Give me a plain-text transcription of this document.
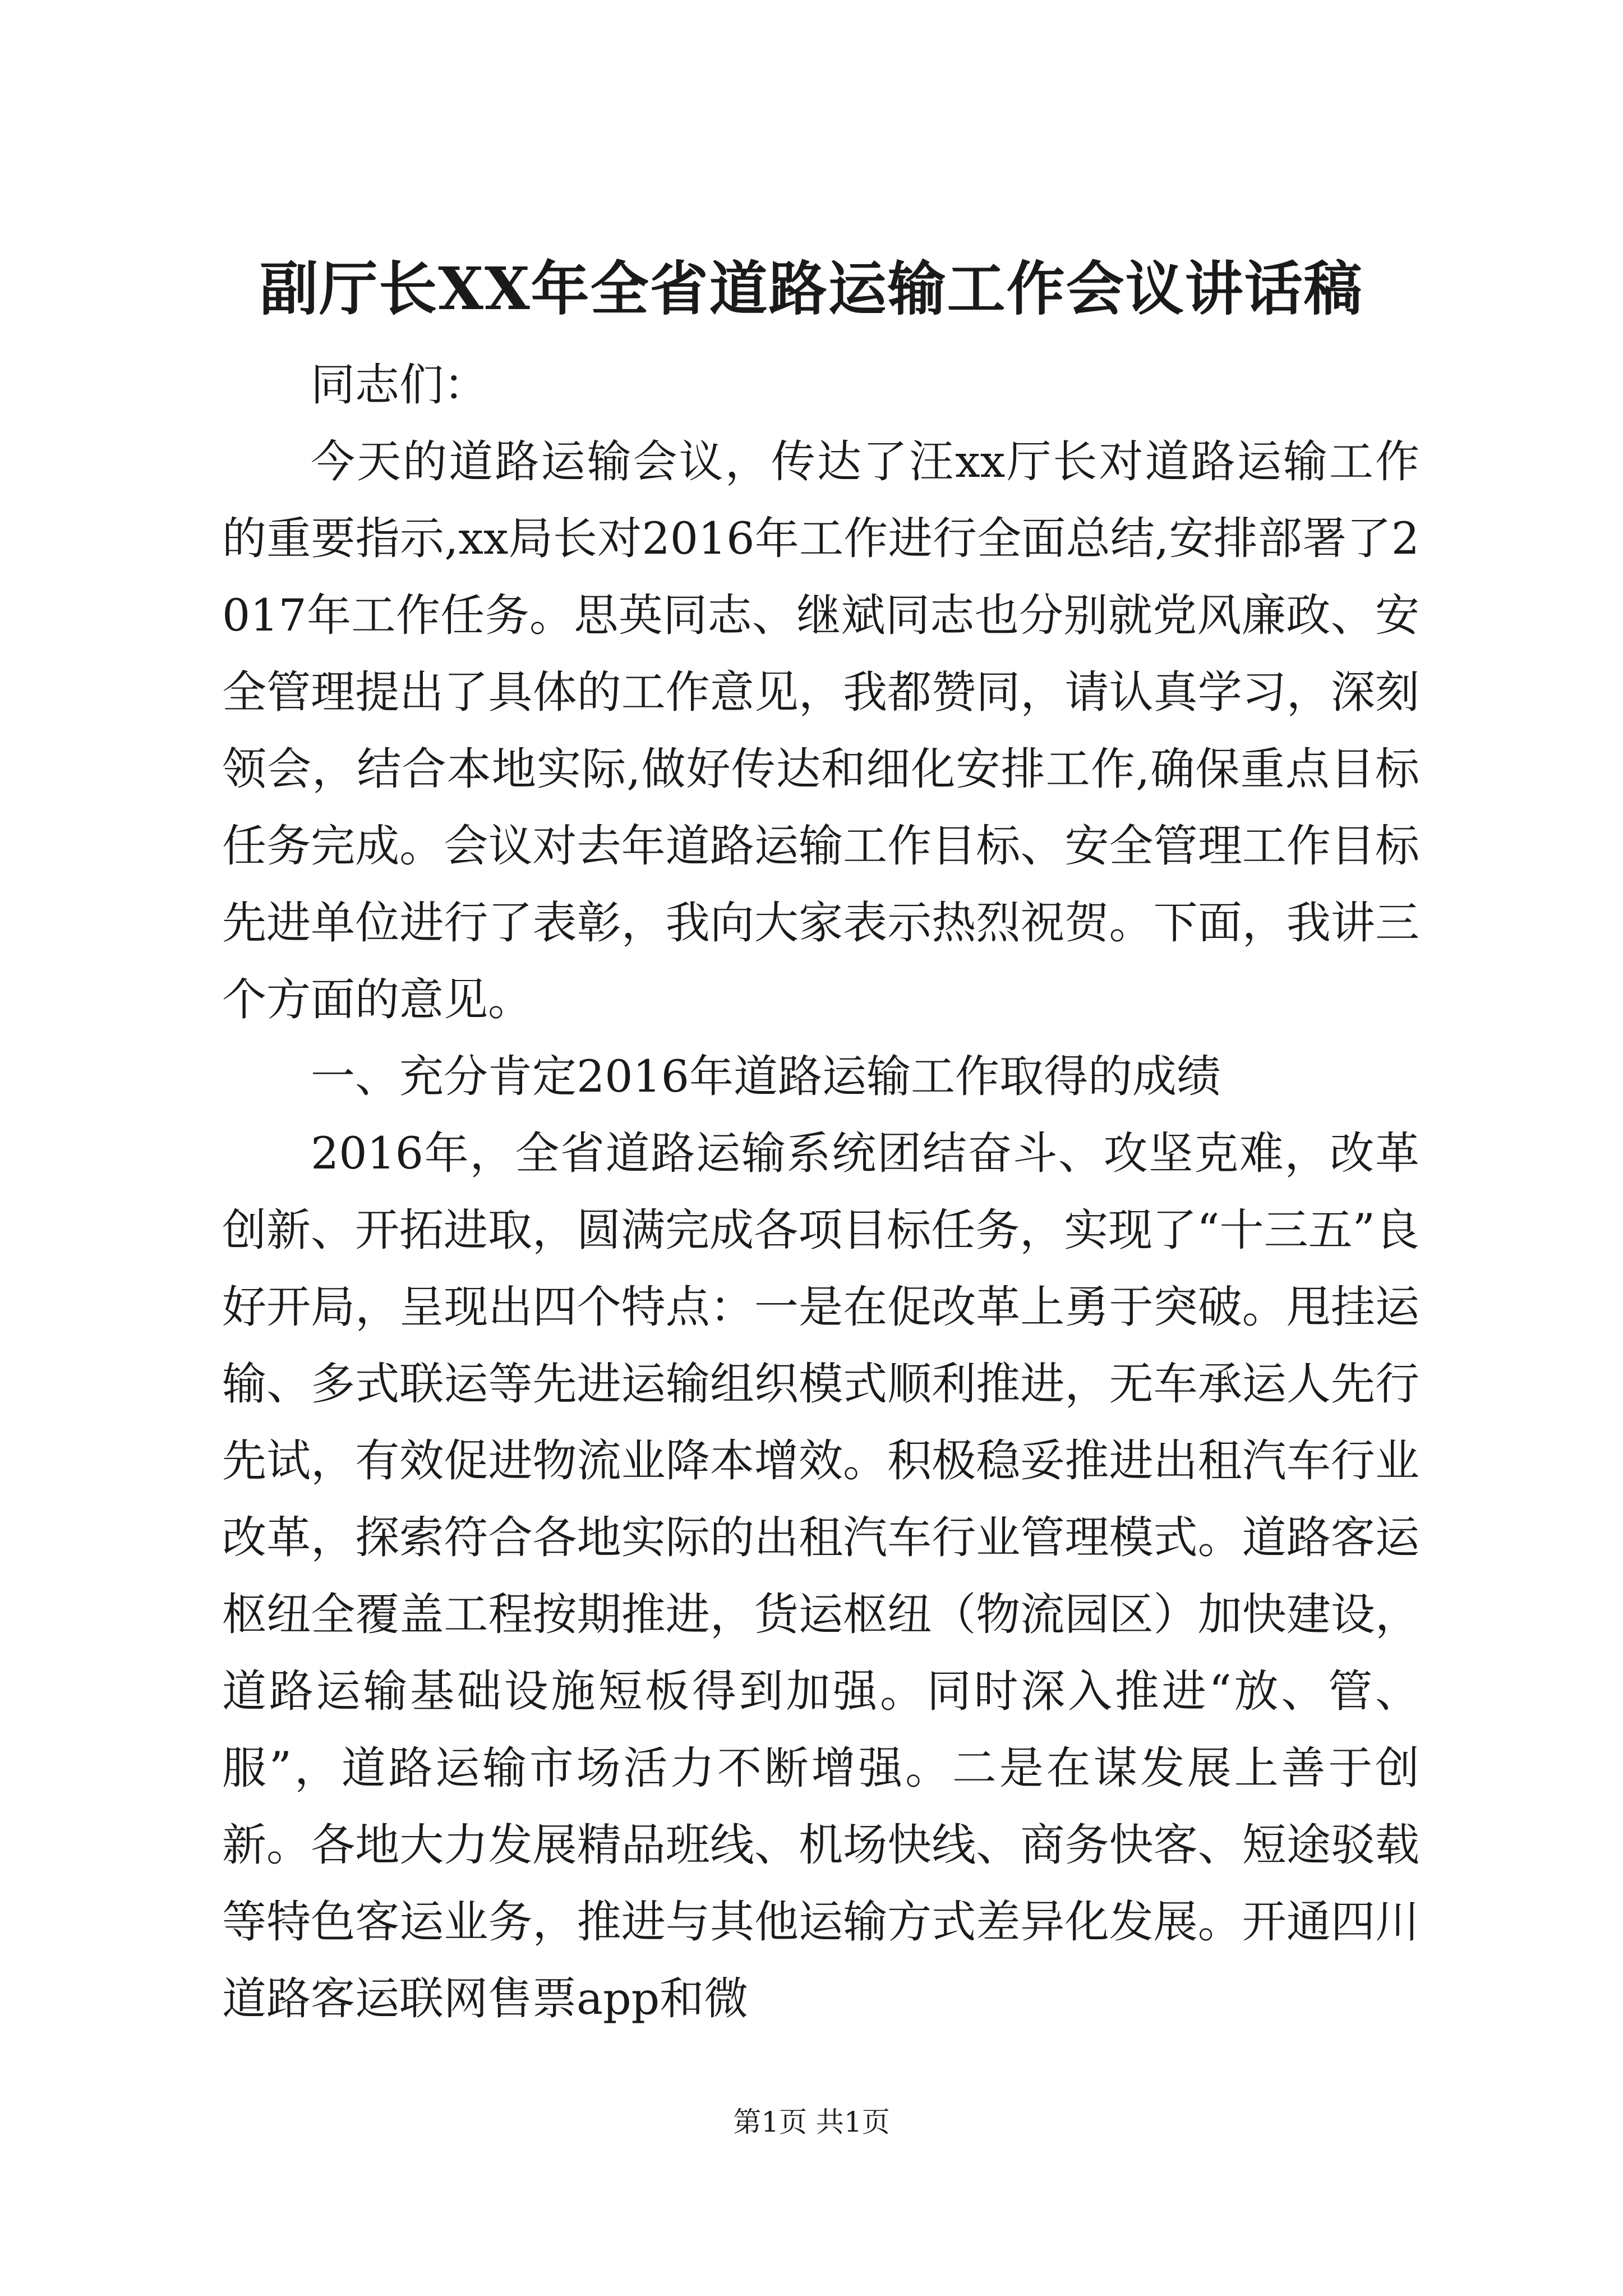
副厅长XX年全省道路运输工作会议讲话稿

同志们：

今天的道路运输会议，传达了汪xx厅长对道路运输工作的重要指示,xx局长对2016年工作进行全面总结,安排部署了2017年工作任务。思英同志、继斌同志也分别就党风廉政、安全管理提出了具体的工作意见，我都赞同，请认真学习，深刻领会，结合本地实际,做好传达和细化安排工作,确保重点目标任务完成。会议对去年道路运输工作目标、安全管理工作目标先进单位进行了表彰，我向大家表示热烈祝贺。下面，我讲三个方面的意见。

一、充分肯定2016年道路运输工作取得的成绩

2016年，全省道路运输系统团结奋斗、攻坚克难，改革创新、开拓进取，圆满完成各项目标任务，实现了“十三五”良好开局，呈现出四个特点：一是在促改革上勇于突破。甩挂运输、多式联运等先进运输组织模式顺利推进，无车承运人先行先试，有效促进物流业降本增效。积极稳妥推进出租汽车行业改革，探索符合各地实际的出租汽车行业管理模式。道路客运枢纽全覆盖工程按期推进，货运枢纽（物流园区）加快建设，道路运输基础设施短板得到加强。同时深入推进“放、管、服”，道路运输市场活力不断增强。二是在谋发展上善于创新。各地大力发展精品班线、机场快线、商务快客、短途驳载等特色客运业务，推进与其他运输方式差异化发展。开通四川道路客运联网售票app和微

第1页 共1页
